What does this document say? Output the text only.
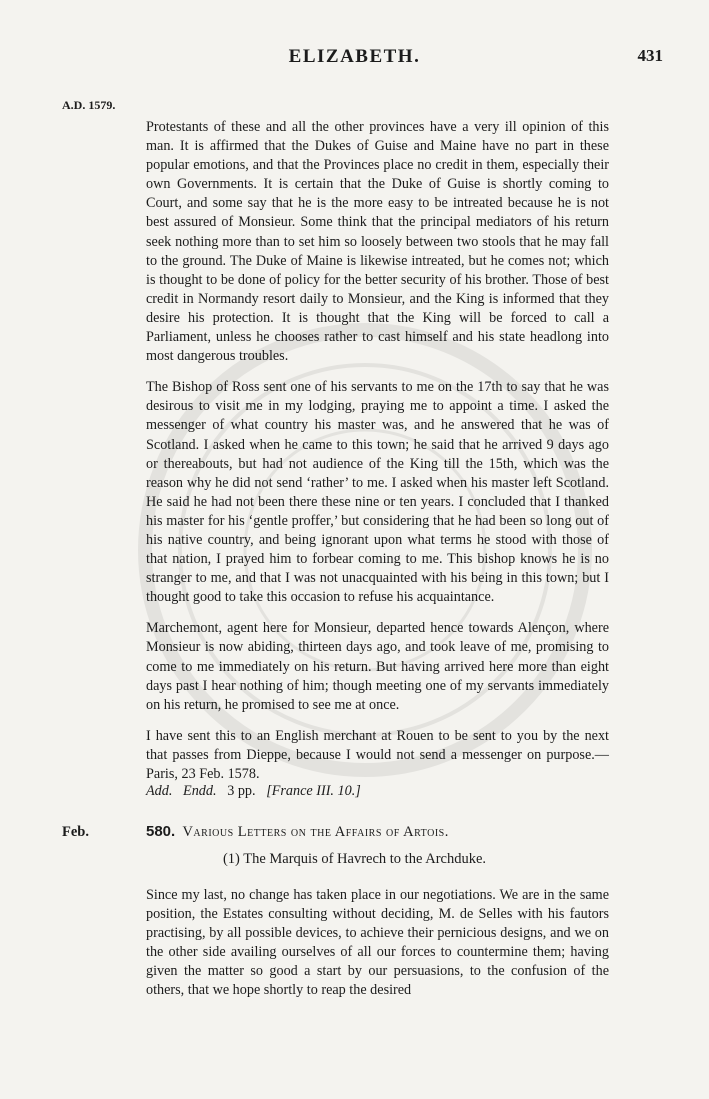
ELIZABETH.	431
A.D. 1579.

Protestants of these and all the other provinces have a very ill opinion of this man. It is affirmed that the Dukes of Guise and Maine have no part in these popular emotions, and that the Provinces place no credit in them, especially their own Governments. It is certain that the Duke of Guise is shortly coming to Court, and some say that he is the more easy to be intreated because he is not best assured of Monsieur. Some think that the principal mediators of his return seek nothing more than to set him so loosely between two stools that he may fall to the ground. The Duke of Maine is likewise intreated, but he comes not; which is thought to be done of policy for the better security of his brother. Those of best credit in Normandy resort daily to Monsieur, and the King is informed that they desire his protection. It is thought that the King will be forced to call a Parliament, unless he chooses rather to cast himself and his state headlong into most dangerous troubles.

The Bishop of Ross sent one of his servants to me on the 17th to say that he was desirous to visit me in my lodging, praying me to appoint a time. I asked the messenger of what country his master was, and he answered that he was of Scotland. I asked when he came to this town; he said that he arrived 9 days ago or thereabouts, but had not audience of the King till the 15th, which was the reason why he did not send ‘rather’ to me. I asked when his master left Scotland. He said he had not been there these nine or ten years. I concluded that I thanked his master for his ‘gentle proffer,’ but considering that he had been so long out of his native country, and being ignorant upon what terms he stood with those of that nation, I prayed him to forbear coming to me. This bishop knows he is no stranger to me, and that I was not unacquainted with his being in this town; but I thought good to take this occasion to refuse his acquaintance.

Marchemont, agent here for Monsieur, departed hence towards Alençon, where Monsieur is now abiding, thirteen days ago, and took leave of me, promising to come to me immediately on his return. But having arrived here more than eight days past I hear nothing of him; though meeting one of my servants immediately on his return, he promised to see me at once.

I have sent this to an English merchant at Rouen to be sent to you by the next that passes from Dieppe, because I would not send a messenger on purpose.—Paris, 23 Feb. 1578.

Add. Endd. 3 pp. [France III. 10.]
Feb.	580. Various Letters on the Affairs of Artois.
(1) The Marquis of Havrech to the Archduke.

Since my last, no change has taken place in our negotiations. We are in the same position, the Estates consulting without deciding, M. de Selles with his fautors practising, by all possible devices, to achieve their pernicious designs, and we on the other side availing ourselves of all our forces to countermine them; having given the matter so good a start by our persuasions, to the confusion of the others, that we hope shortly to reap the desired
